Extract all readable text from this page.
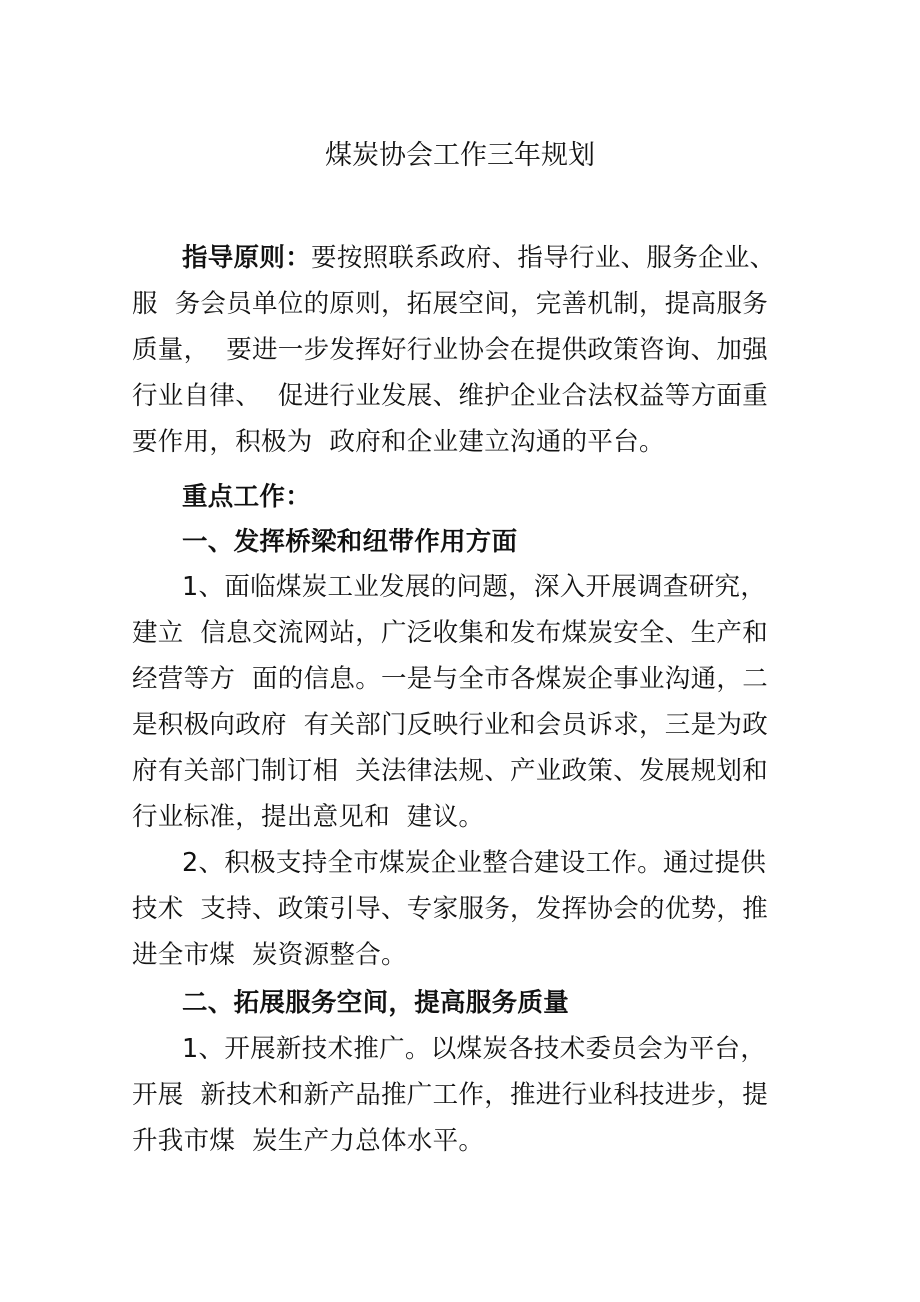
煤炭协会工作三年规划
指导原则：要按照联系政府、指导行业、服务企业、
服  务会员单位的原则，拓展空间，完善机制，提高服务
质量，  要进一步发挥好行业协会在提供政策咨询、加强
行业自律、  促进行业发展、维护企业合法权益等方面重
要作用，积极为  政府和企业建立沟通的平台。
重点工作：
一、发挥桥梁和纽带作用方面
1、面临煤炭工业发展的问题，深入开展调查研究，
建立  信息交流网站，广泛收集和发布煤炭安全、生产和
经营等方  面的信息。一是与全市各煤炭企事业沟通，二
是积极向政府  有关部门反映行业和会员诉求，三是为政
府有关部门制订相  关法律法规、产业政策、发展规划和
行业标准，提出意见和  建议。
2、积极支持全市煤炭企业整合建设工作。通过提供
技术  支持、政策引导、专家服务，发挥协会的优势，推
进全市煤  炭资源整合。
二、拓展服务空间，提高服务质量
1、开展新技术推广。以煤炭各技术委员会为平台，
开展  新技术和新产品推广工作，推进行业科技进步，提
升我市煤  炭生产力总体水平。
